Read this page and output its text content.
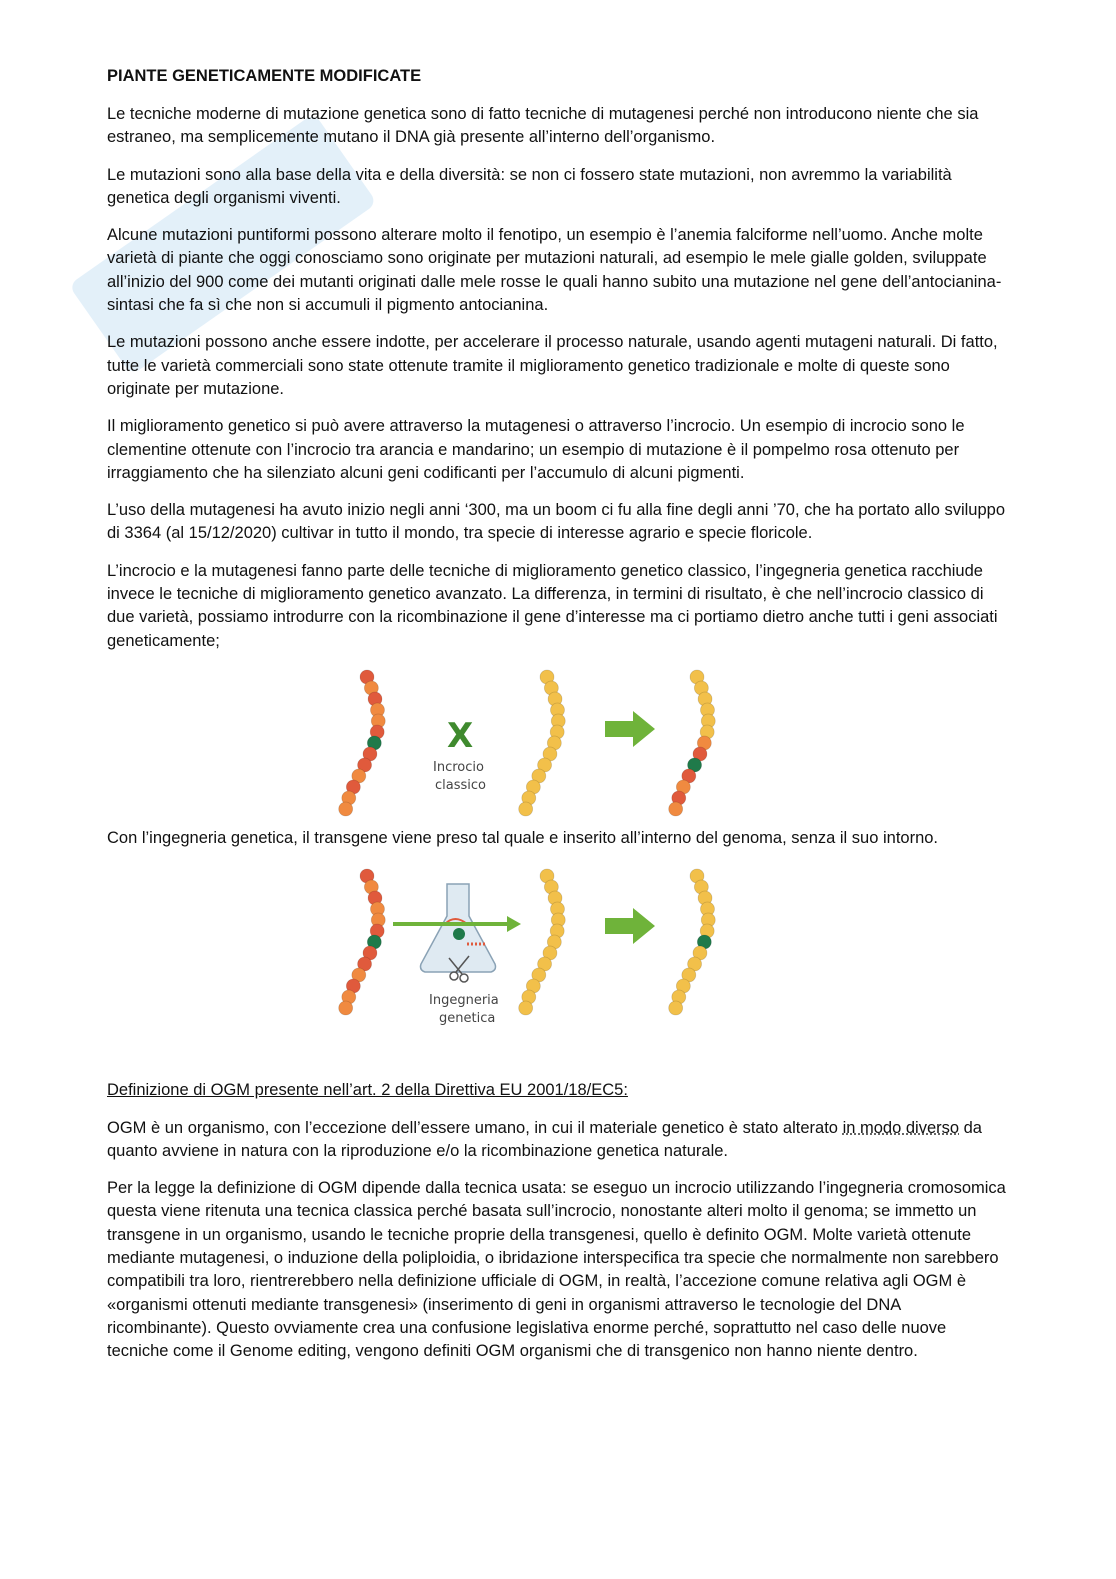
PIANTE GENETICAMENTE MODIFICATE

Le tecniche moderne di mutazione genetica sono di fatto tecniche di mutagenesi perché non introducono niente che sia estraneo, ma semplicemente mutano il DNA già presente all’interno dell’organismo.

Le mutazioni sono alla base della vita e della diversità: se non ci fossero state mutazioni, non avremmo la variabilità genetica degli organismi viventi.

Alcune mutazioni puntiformi possono alterare molto il fenotipo, un esempio è l’anemia falciforme nell’uomo. Anche molte varietà di piante che oggi conosciamo sono originate per mutazioni naturali, ad esempio le mele gialle golden, sviluppate all’inizio del 900 come dei mutanti originati dalle mele rosse le quali hanno subito una mutazione nel gene dell’antocianina-sintasi che fa sì che non si accumuli il pigmento antocianina.

Le mutazioni possono anche essere indotte, per accelerare il processo naturale, usando agenti mutageni naturali. Di fatto, tutte le varietà commerciali sono state ottenute tramite il miglioramento genetico tradizionale e molte di queste sono originate per mutazione.

Il miglioramento genetico si può avere attraverso la mutagenesi o attraverso l’incrocio. Un esempio di incrocio sono le clementine ottenute con l’incrocio tra arancia e mandarino; un esempio di mutazione è il pompelmo rosa ottenuto per irraggiamento che ha silenziato alcuni geni codificanti per l’accumulo di alcuni pigmenti.

L’uso della mutagenesi ha avuto inizio negli anni ‘300, ma un boom ci fu alla fine degli anni ’70, che ha portato allo sviluppo di 3364 (al 15/12/2020) cultivar in tutto il mondo, tra specie di interesse agrario e specie floricole.

L’incrocio e la mutagenesi fanno parte delle tecniche di miglioramento genetico classico, l’ingegneria genetica racchiude invece le tecniche di miglioramento genetico avanzato. La differenza, in termini di risultato, è che nell’incrocio classico di due varietà, possiamo introdurre con la ricombinazione il gene d’interesse ma ci portiamo dietro anche tutti i geni associati geneticamente;

X
Incrocio
classico

Con l’ingegneria genetica, il transgene viene preso tal quale e inserito all’interno del genoma, senza il suo intorno.

Ingegneria
genetica

Definizione di OGM presente nell’art. 2 della Direttiva EU 2001/18/EC5:

OGM è un organismo, con l’eccezione dell’essere umano, in cui il materiale genetico è stato alterato in modo diverso da quanto avviene in natura con la riproduzione e/o la ricombinazione genetica naturale.

Per la legge la definizione di OGM dipende dalla tecnica usata: se eseguo un incrocio utilizzando l’ingegneria cromosomica questa viene ritenuta una tecnica classica perché basata sull’incrocio, nonostante alteri molto il genoma; se immetto un transgene in un organismo, usando le tecniche proprie della transgenesi, quello è definito OGM. Molte varietà ottenute mediante mutagenesi, o induzione della poliploidia, o ibridazione interspecifica tra specie che normalmente non sarebbero compatibili tra loro, rientrerebbero nella definizione ufficiale di OGM, in realtà, l’accezione comune relativa agli OGM è «organismi ottenuti mediante transgenesi» (inserimento di geni in organismi attraverso le tecnologie del DNA ricombinante). Questo ovviamente crea una confusione legislativa enorme perché, soprattutto nel caso delle nuove tecniche come il Genome editing, vengono definiti OGM organismi che di transgenico non hanno niente dentro.
